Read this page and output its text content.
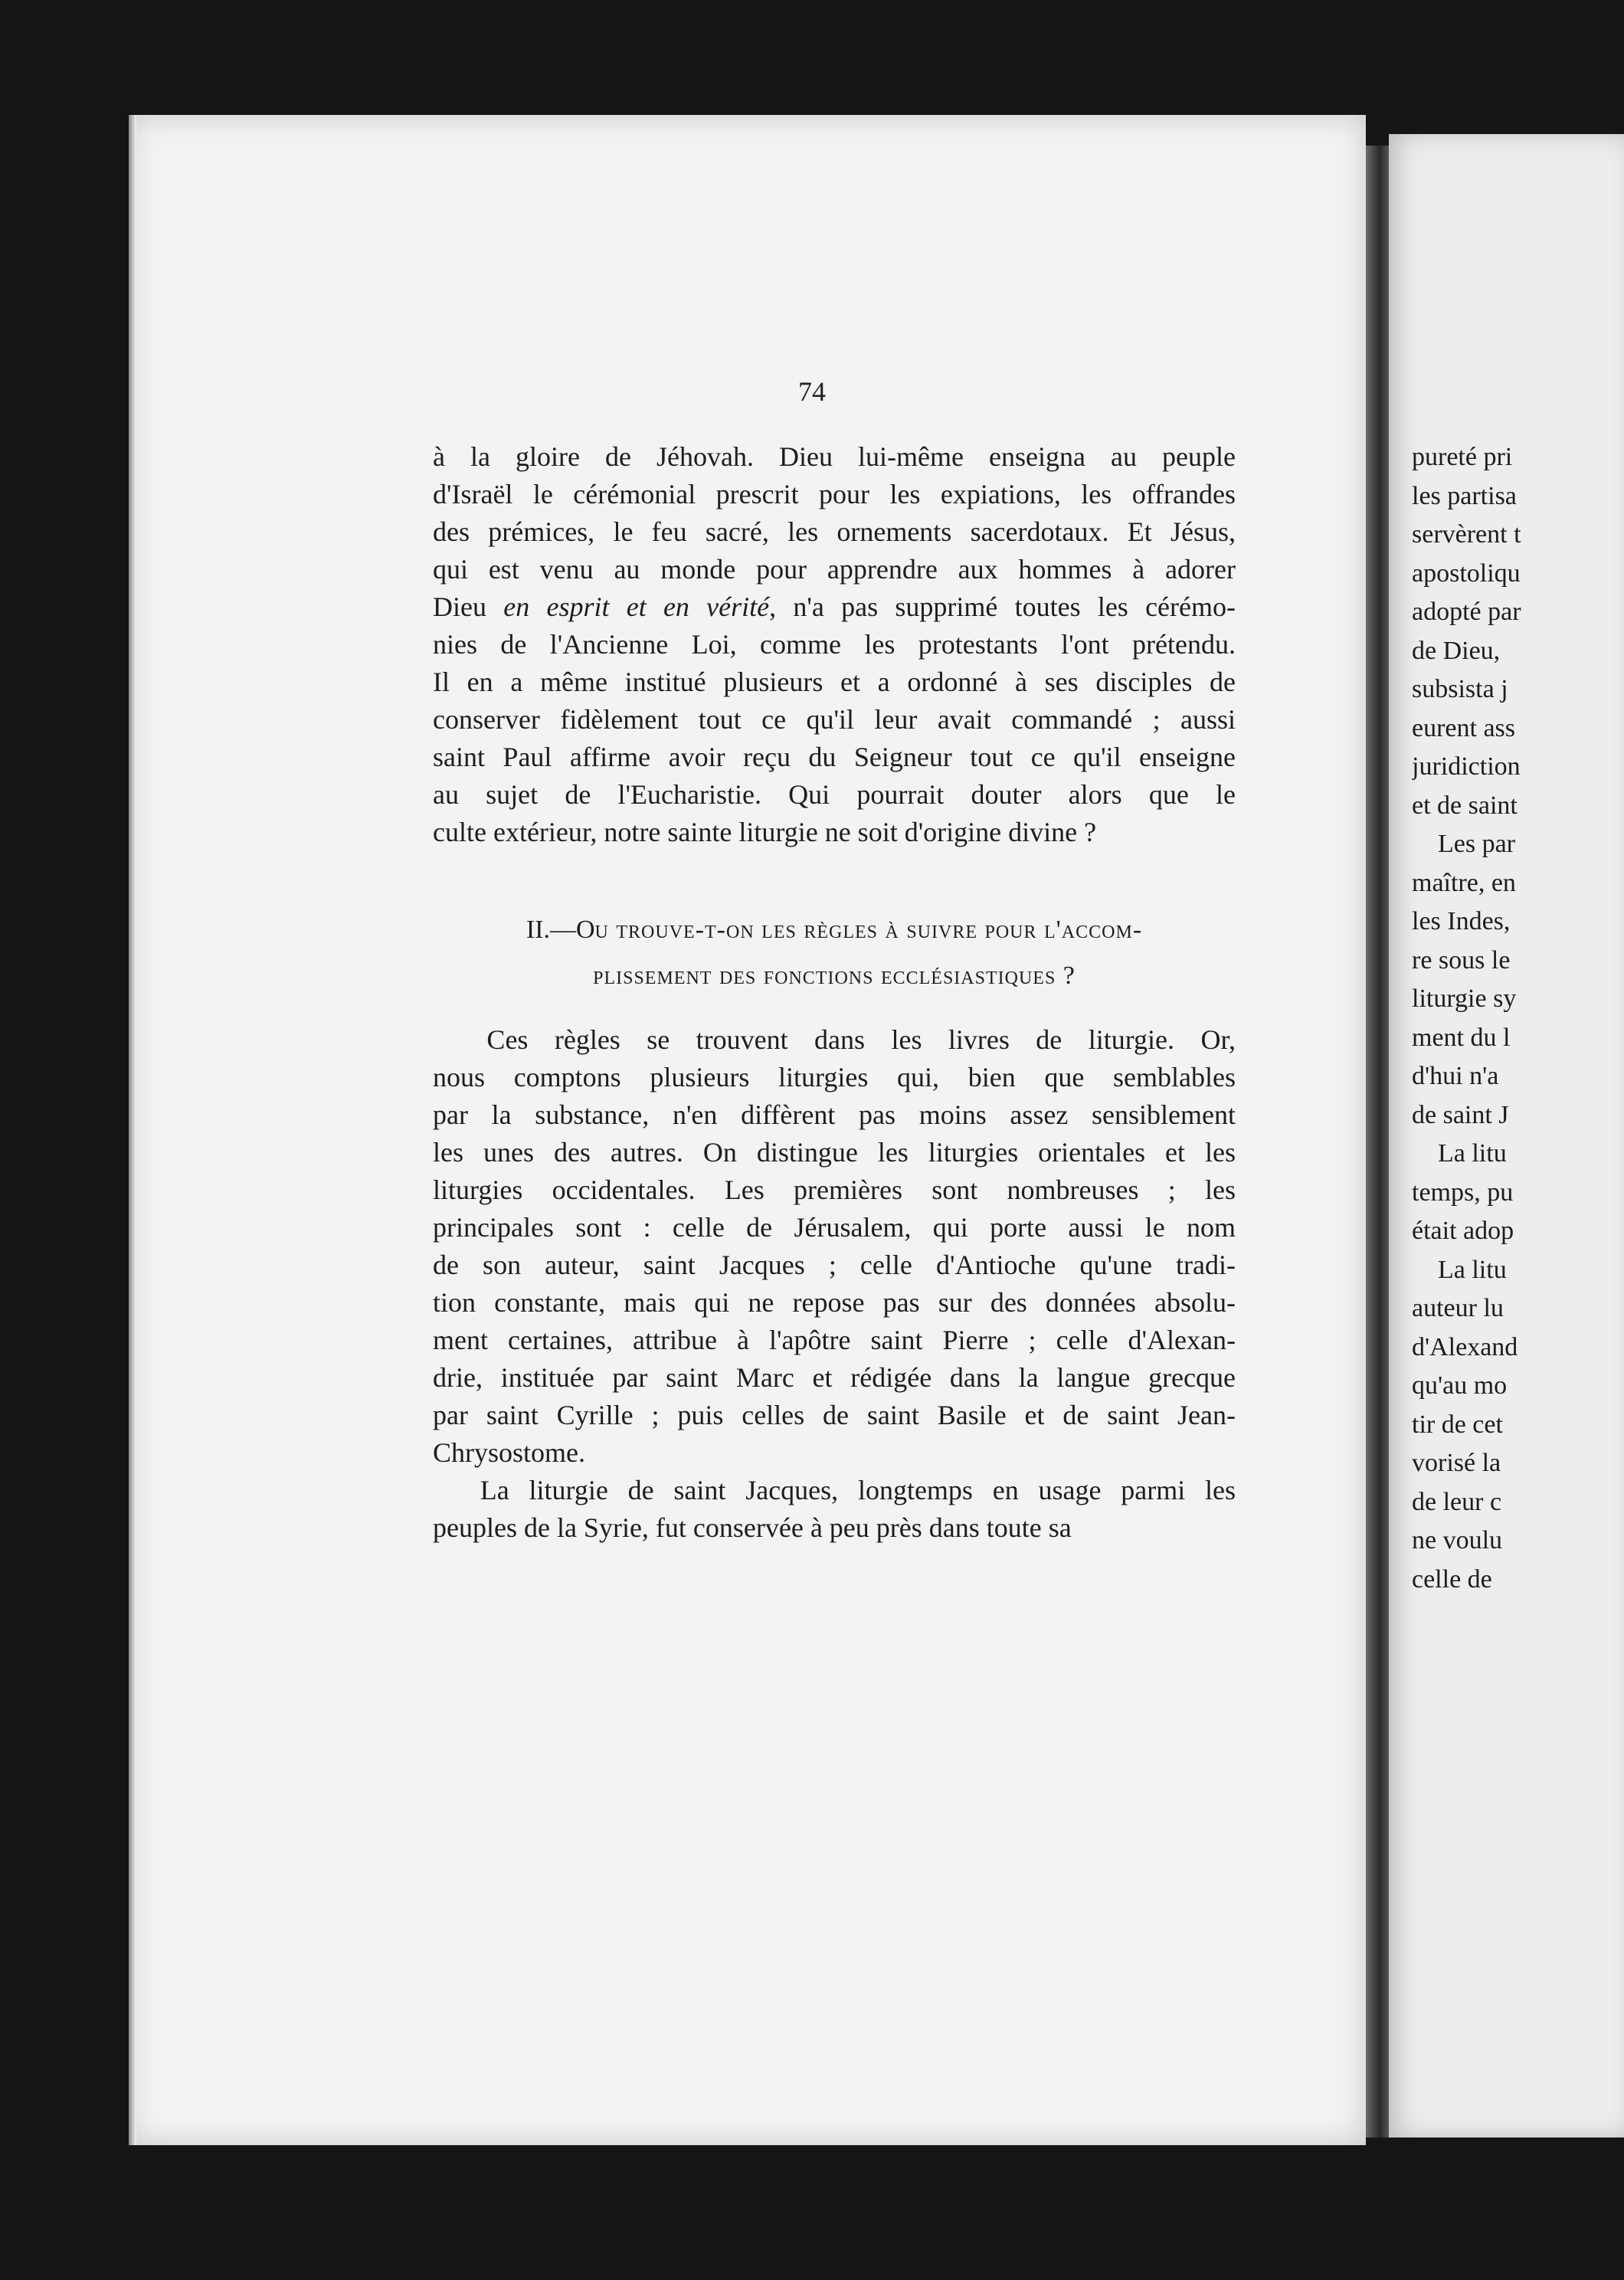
74
à la gloire de Jéhovah. Dieu lui-même enseigna au peuple
d'Israël le cérémonial prescrit pour les expiations, les offrandes
des prémices, le feu sacré, les ornements sacerdotaux. Et Jésus,
qui est venu au monde pour apprendre aux hommes à adorer
Dieu en esprit et en vérité, n'a pas supprimé toutes les cérémo-
nies de l'Ancienne Loi, comme les protestants l'ont prétendu.
Il en a même institué plusieurs et a ordonné à ses disciples de
conserver fidèlement tout ce qu'il leur avait commandé ; aussi
saint Paul affirme avoir reçu du Seigneur tout ce qu'il enseigne
au sujet de l'Eucharistie. Qui pourrait douter alors que le
culte extérieur, notre sainte liturgie ne soit d'origine divine ?
II.—Ou trouve-t-on les règles à suivre pour l'accom-
plissement des fonctions ecclésiastiques ?
  Ces règles se trouvent dans les livres de liturgie. Or,
nous comptons plusieurs liturgies qui, bien que semblables
par la substance, n'en diffèrent pas moins assez sensiblement
les unes des autres. On distingue les liturgies orientales et les
liturgies occidentales. Les premières sont nombreuses ; les
principales sont : celle de Jérusalem, qui porte aussi le nom
de son auteur, saint Jacques ; celle d'Antioche qu'une tradi-
tion constante, mais qui ne repose pas sur des données absolu-
ment certaines, attribue à l'apôtre saint Pierre ; celle d'Alexan-
drie, instituée par saint Marc et rédigée dans la langue grecque
par saint Cyrille ; puis celles de saint Basile et de saint Jean-
Chrysostome.
  La liturgie de saint Jacques, longtemps en usage parmi les
peuples de la Syrie, fut conservée à peu près dans toute sa
pureté pri
les partisa
servèrent t
apostoliqu
adopté par
de Dieu,
subsista j
eurent ass
juridiction
et de saint
 Les par
maître, en
les Indes,
re sous le
liturgie sy
ment du l
d'hui n'a
de saint J
 La litu
temps, pu
était adop
 La litu
auteur lu
d'Alexand
qu'au mo
tir de cet
vorisé la
de leur c
ne voulu
celle de
